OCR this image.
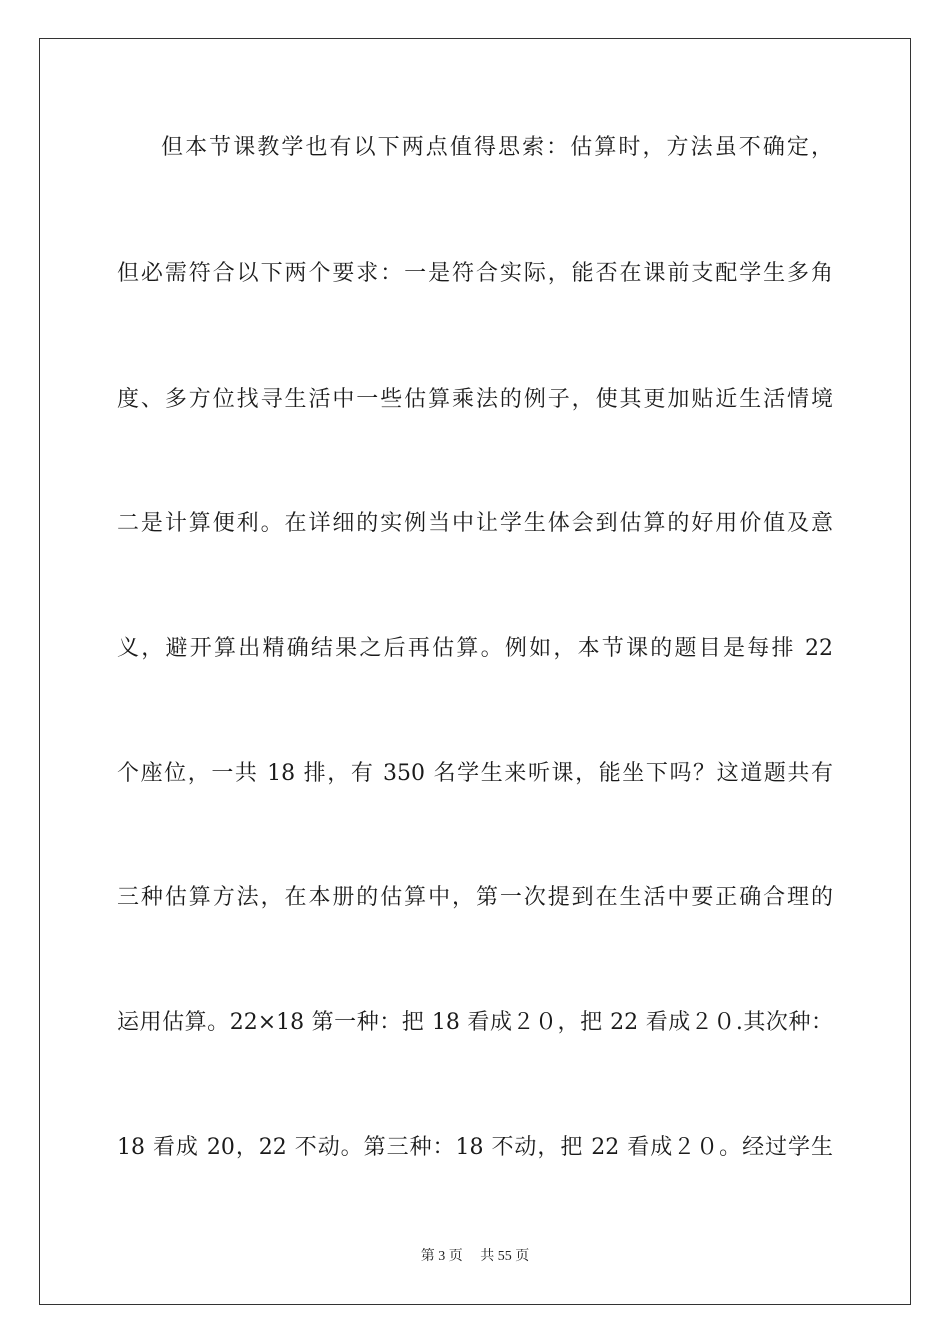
但本节课教学也有以下两点值得思索：估算时，方法虽不确定，
但必需符合以下两个要求：一是符合实际，能否在课前支配学生多角
度、多方位找寻生活中一些估算乘法的例子，使其更加贴近生活情境
二是计算便利。在详细的实例当中让学生体会到估算的好用价值及意
义，避开算出精确结果之后再估算。例如，本节课的题目是每排 22
个座位，一共 18 排，有 350 名学生来听课，能坐下吗？这道题共有
三种估算方法，在本册的估算中，第一次提到在生活中要正确合理的
运用估算。22×18 第一种：把 18 看成２０，把 22 看成２０.其次种：
18 看成 20，22 不动。第三种：18 不动，把 22 看成２０。经过学生
第 3 页　 共 55 页
